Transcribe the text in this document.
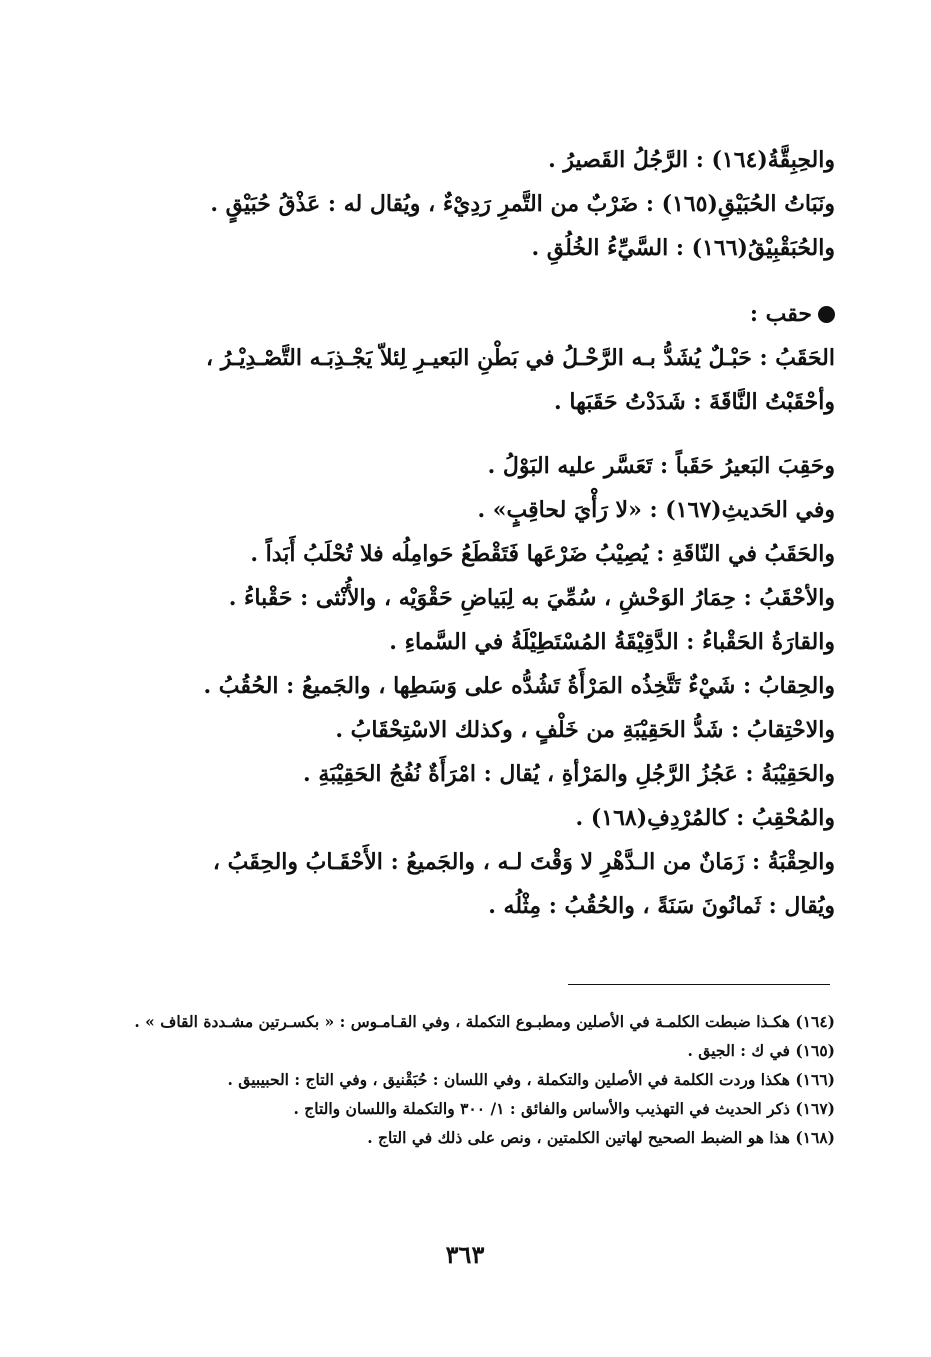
والحِبِقَّةُ(١٦٤) : الرَّجُلُ القَصيرُ .
ونَبَاتُ الحُبَيْقِ(١٦٥) : ضَرْبٌ من التَّمرِ رَدِيْءٌ ، ويُقال له : عَذْقُ حُبَيْقٍ .
والحُبَقْبِيْقُ(١٦٦) : السَّيِّءُ الخُلُقِ .
حقب :
الحَقَبُ : حَبْـلٌ يُشَدُّ بـه الرَّحْـلُ في بَطْنِ البَعيـرِ لِئلاّ يَجْـذِبَـه التَّصْـدِيْـرُ ،
وأحْقَبْتُ النَّاقَةَ : شَدَدْتُ حَقَبَها .
وحَقِبَ البَعيرُ حَقَباً : تَعَسَّر عليه البَوْلُ .
وفي الحَديثِ(١٦٧) : «لا رَأْيَ لحاقِبٍ» .
والحَقَبُ في النّاقَةِ : يُصِيْبُ ضَرْعَها فَتَقْطَعُ حَوامِلُه فلا تُحْلَبُ أَبَداً .
والأحْقَبُ : حِمَارُ الوَحْشِ ، سُمِّيَ به لِبَياضِ حَقْوَيْه ، والأُنْثى : حَقْباءُ .
والقارَةُ الحَقْباءُ : الدَّقِيْقَةُ المُسْتَطِيْلَةُ في السَّماءِ .
والحِقابُ : شَيْءٌ تَتَّخِذُه المَرْأَةُ تَشُدُّه على وَسَطِها ، والجَميعُ : الحُقُبُ .
والاحْتِقابُ : شَدُّ الحَقِيْبَةِ من خَلْفٍ ، وكذلك الاسْتِحْقَابُ .
والحَقِيْبَةُ : عَجُزُ الرَّجُلِ والمَرْأةِ ، يُقال : امْرَأَةٌ نُفُجُ الحَقِيْبَةِ .
والمُحْقِبُ : كالمُرْدِفِ(١٦٨) .
والحِقْبَةُ : زَمَانٌ من الـدَّهْرِ لا وَقْتَ لـه ، والجَميعُ : الأَحْقَـابُ والحِقَبُ ،
ويُقال : ثَمانُونَ سَنَةً ، والحُقُبُ : مِثْلُه .
(١٦٤) هكـذا ضبطت الكلمـة في الأصلين ومطبـوع التكملة ، وفي القـامـوس : « بكسـرتين مشـددة القاف » .
(١٦٥) في ك : الجيق .
(١٦٦) هكذا وردت الكلمة في الأصلين والتكملة ، وفي اللسان : حُبَقْنيق ، وفي التاج : الحبيبيق .
(١٦٧) ذكر الحديث في التهذيب والأساس والفائق : ١/ ٣٠٠ والتكملة واللسان والتاج .
(١٦٨) هذا هو الضبط الصحيح لهاتين الكلمتين ، ونص على ذلك في التاج .
٣٦٣
